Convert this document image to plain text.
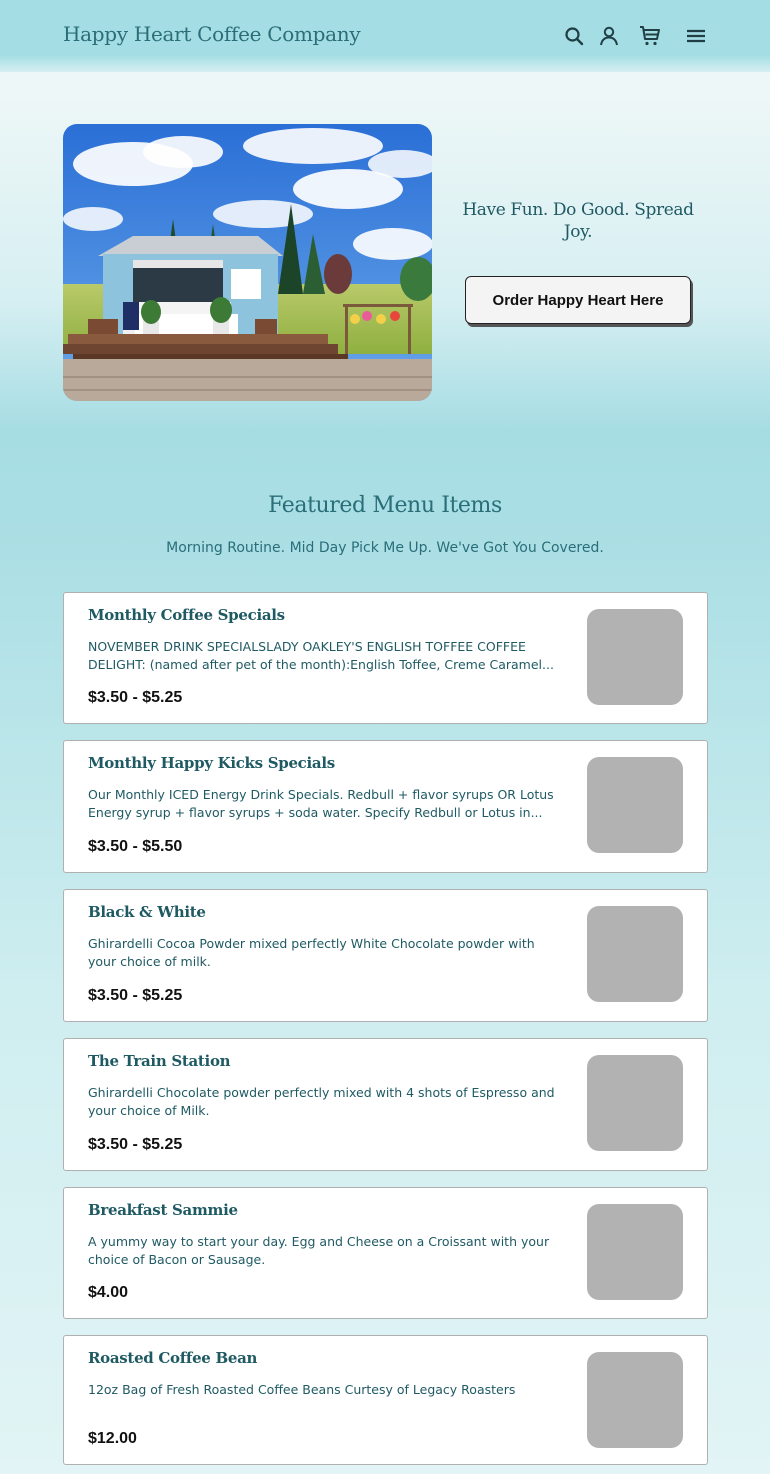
Happy Heart Coffee Company
Have Fun. Do Good. Spread Joy.
Order Happy Heart Here
Featured Menu Items
Morning Routine. Mid Day Pick Me Up. We've Got You Covered.
Monthly Coffee Specials
NOVEMBER DRINK SPECIALSLADY OAKLEY'S ENGLISH TOFFEE COFFEE DELIGHT: (named after pet of the month):English Toffee, Creme Caramel...
$3.50 - $5.25
Monthly Happy Kicks Specials
Our Monthly ICED Energy Drink Specials. Redbull + flavor syrups OR Lotus Energy syrup + flavor syrups + soda water. Specify Redbull or Lotus in...
$3.50 - $5.50
Black & White
Ghirardelli Cocoa Powder mixed perfectly White Chocolate powder with your choice of milk.
$3.50 - $5.25
The Train Station
Ghirardelli Chocolate powder perfectly mixed with 4 shots of Espresso and your choice of Milk.
$3.50 - $5.25
Breakfast Sammie
A yummy way to start your day. Egg and Cheese on a Croissant with your choice of Bacon or Sausage.
$4.00
Roasted Coffee Bean
12oz Bag of Fresh Roasted Coffee Beans Curtesy of Legacy Roasters
$12.00
